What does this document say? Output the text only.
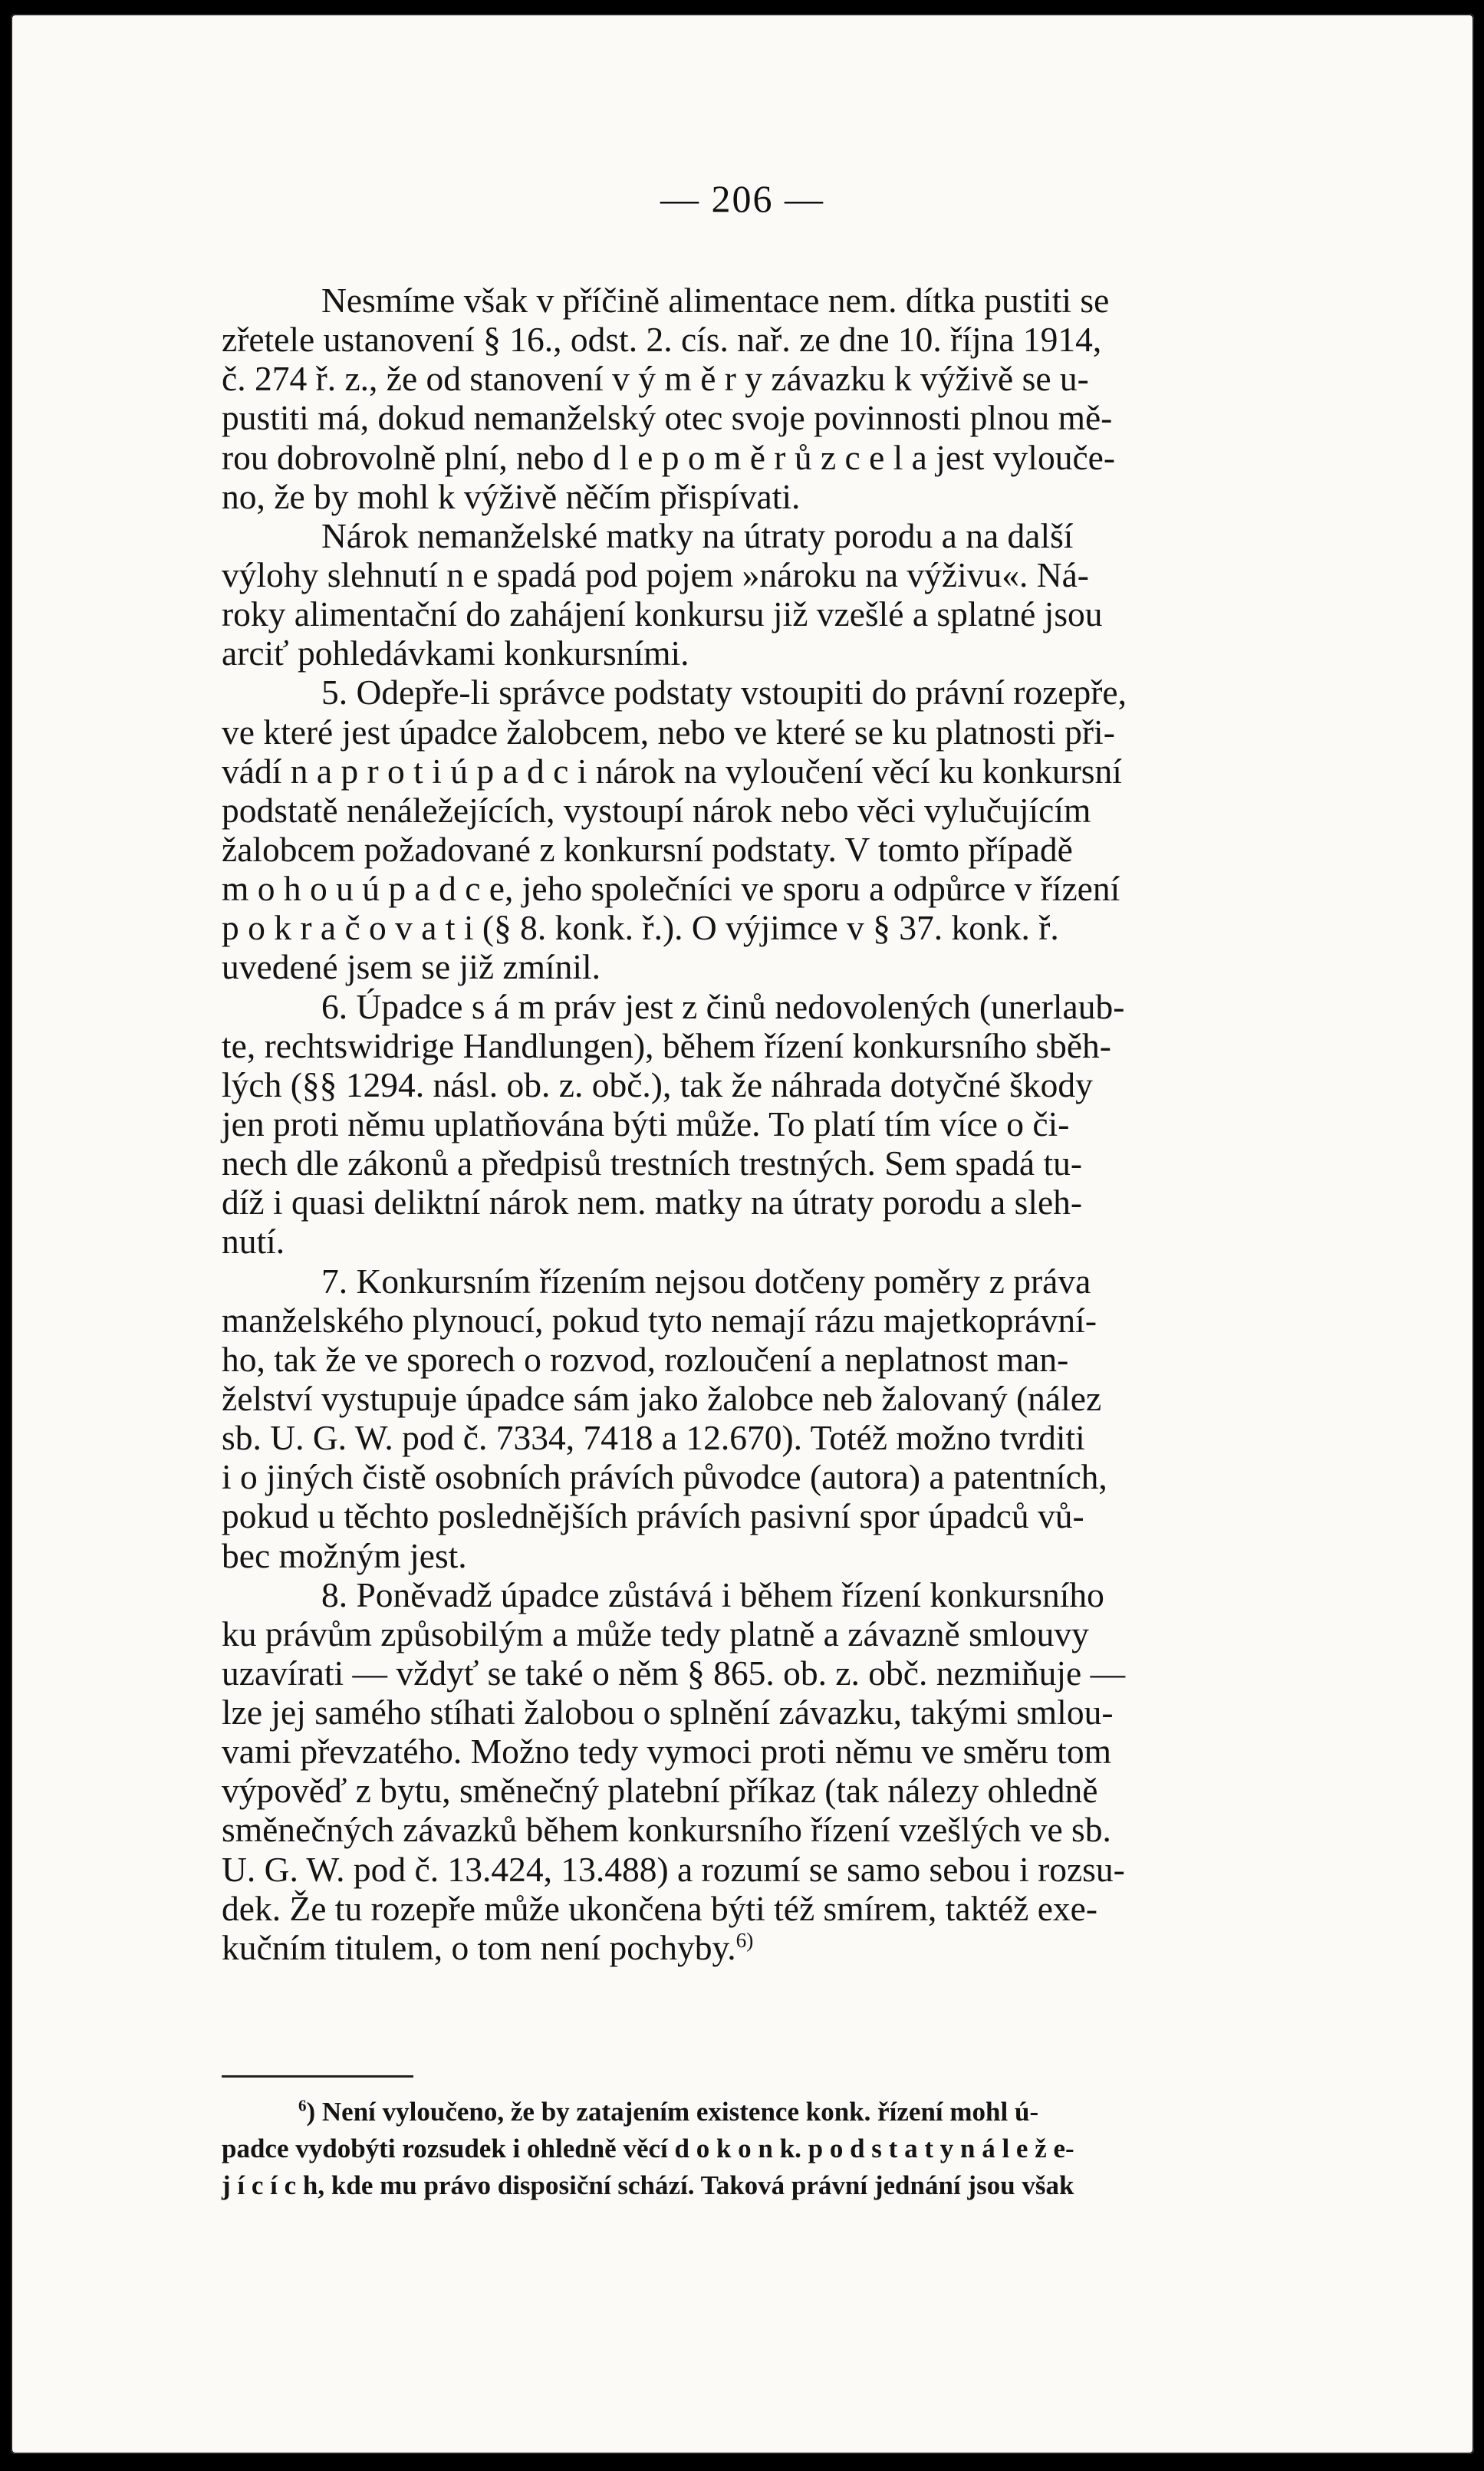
— 206 —
Nesmíme však v příčině alimentace nem. dítka pustiti se
zřetele ustanovení § 16., odst. 2. cís. nař. ze dne 10. října 1914,
č. 274 ř. z., že od stanovení v ý m ě r y závazku k výživě se u-
pustiti má, dokud nemanželský otec svoje povinnosti plnou mě-
rou dobrovolně plní, nebo d l e p o m ě r ů z c e l a jest vylouče-
no, že by mohl k výživě něčím přispívati.
Nárok nemanželské matky na útraty porodu a na další
výlohy slehnutí n e spadá pod pojem »nároku na výživu«. Ná-
roky alimentační do zahájení konkursu již vzešlé a splatné jsou
arciť pohledávkami konkursními.
5. Odepře-li správce podstaty vstoupiti do právní rozepře,
ve které jest úpadce žalobcem, nebo ve které se ku platnosti při-
vádí n a p r o t i ú p a d c i nárok na vyloučení věcí ku konkursní
podstatě nenáležejících, vystoupí nárok nebo věci vylučujícím
žalobcem požadované z konkursní podstaty. V tomto případě
m o h o u ú p a d c e, jeho společníci ve sporu a odpůrce v řízení
p o k r a č o v a t i (§ 8. konk. ř.). O výjimce v § 37. konk. ř.
uvedené jsem se již zmínil.
6. Úpadce s á m práv jest z činů nedovolených (unerlaub-
te, rechtswidrige Handlungen), během řízení konkursního sběh-
lých (§§ 1294. násl. ob. z. obč.), tak že náhrada dotyčné škody
jen proti němu uplatňována býti může. To platí tím více o či-
nech dle zákonů a předpisů trestních trestných. Sem spadá tu-
díž i quasi deliktní nárok nem. matky na útraty porodu a sleh-
nutí.
7. Konkursním řízením nejsou dotčeny poměry z práva
manželského plynoucí, pokud tyto nemají rázu majetkoprávní-
ho, tak že ve sporech o rozvod, rozloučení a neplatnost man-
želství vystupuje úpadce sám jako žalobce neb žalovaný (nález
sb. U. G. W. pod č. 7334, 7418 a 12.670). Totéž možno tvrditi
i o jiných čistě osobních právích původce (autora) a patentních,
pokud u těchto poslednějších právích pasivní spor úpadců vů-
bec možným jest.
8. Poněvadž úpadce zůstává i během řízení konkursního
ku právům způsobilým a může tedy platně a závazně smlouvy
uzavírati — vždyť se také o něm § 865. ob. z. obč. nezmiňuje —
lze jej samého stíhati žalobou o splnění závazku, takými smlou-
vami převzatého. Možno tedy vymoci proti němu ve směru tom
výpověď z bytu, směnečný platební příkaz (tak nálezy ohledně
směnečných závazků během konkursního řízení vzešlých ve sb.
U. G. W. pod č. 13.424, 13.488) a rozumí se samo sebou i rozsu-
dek. Že tu rozepře může ukončena býti též smírem, taktéž exe-
kučním titulem, o tom není pochyby.$^{6)}$
$^6$) Není vyloučeno, že by zatajením existence konk. řízení mohl ú-
padce vydobýti rozsudek i ohledně věcí d o k o n k. p o d s t a t y n á l e ž e-
j í c í c h, kde mu právo disposiční schází. Taková právní jednání jsou však
